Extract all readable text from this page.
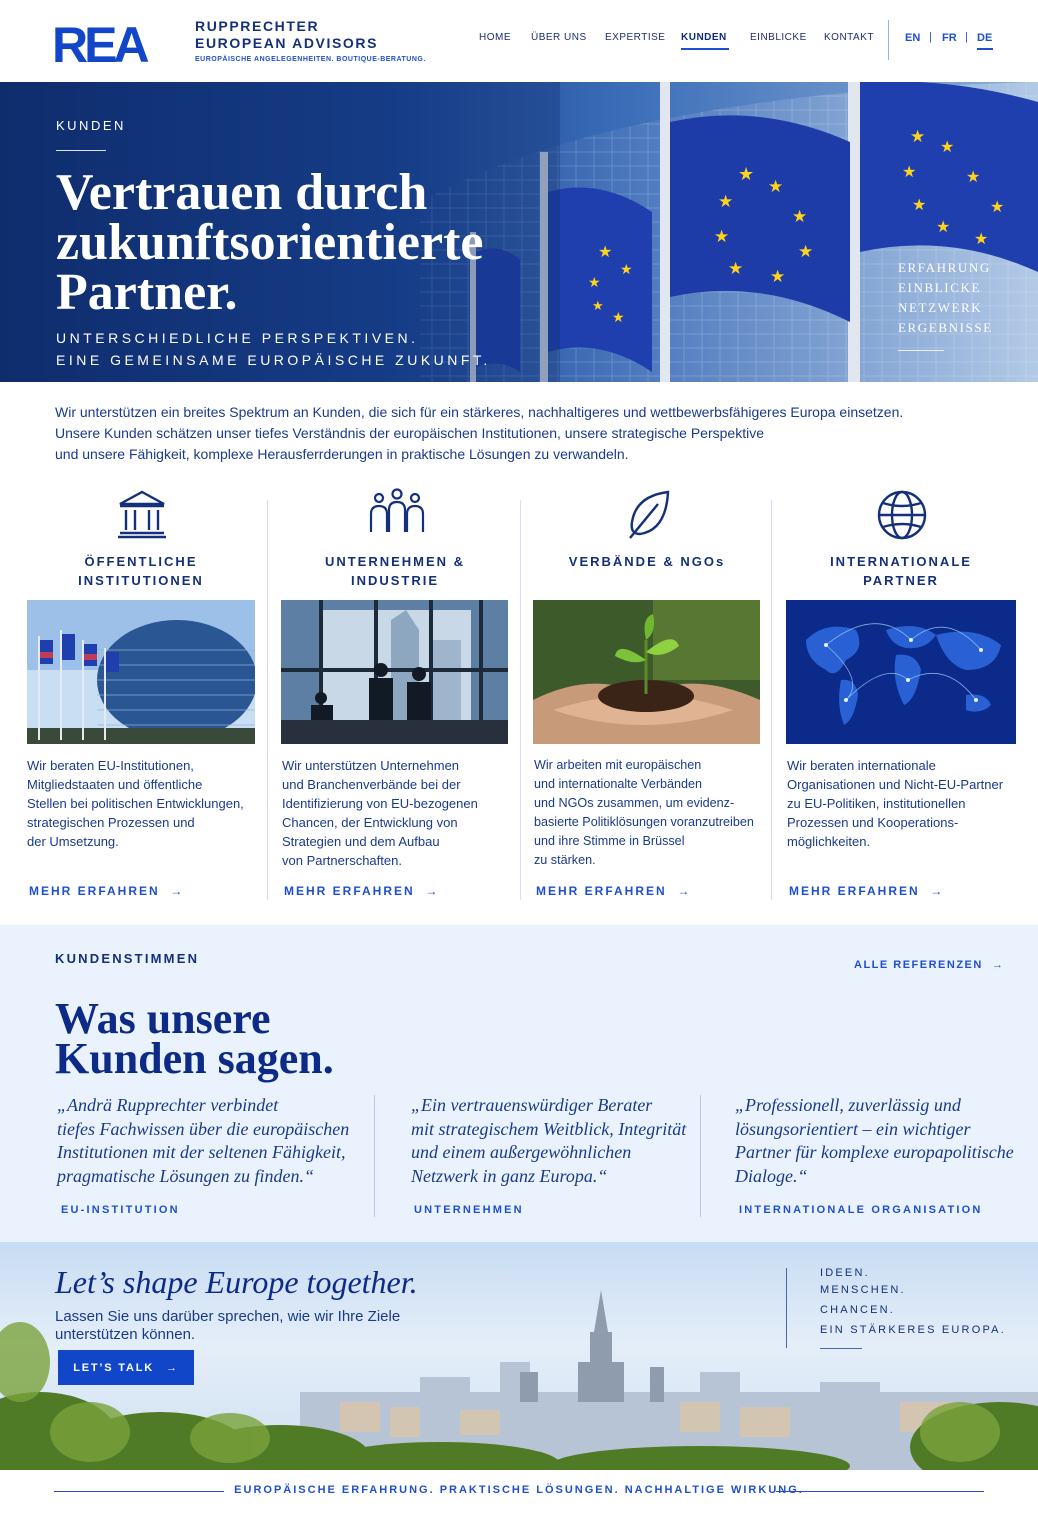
REA	RUPPRECHTER
EUROPEAN ADVISORS
EUROPÄISCHE ANGELEGENHEITEN. BOUTIQUE-BERATUNG.
HOME ÜBER UNS EXPERTISE KUNDEN EINBLICKE KONTAKT	EN | FR | DE
★
★
★
★
★
★
★
★
★
★
★
★ ★
★
★
★	★
★	★
★
★
KUNDEN
Vertrauen durch
zukunftsorientierte
Partner.
UNTERSCHIEDLICHE PERSPEKTIVEN.
EINE GEMEINSAME EUROPÄISCHE ZUKUNFT.
ERFAHRUNG
EINBLICKE
NETZWERK
ERGEBNISSE
Wir unterstützen ein breites Spektrum an Kunden, die sich für ein stärkeres, nachhaltigeres und wettbewerbsfähigeres Europa einsetzen.
Unsere Kunden schätzen unser tiefes Verständnis der europäischen Institutionen, unsere strategische Perspektive
und unsere Fähigkeit, komplexe Herausferrderungen in praktische Lösungen zu verwandeln.
ÖFFENTLICHE
INSTITUTIONEN
Wir beraten EU-Institutionen,
Mitgliedstaaten und öffentliche
Stellen bei politischen Entwicklungen,
strategischen Prozessen und
der Umsetzung.
MEHR ERFAHREN  →
UNTERNEHMEN &
INDUSTRIE
Wir unterstützen Unternehmen
und Branchenverbände bei der
Identifizierung von EU-bezogenen
Chancen, der Entwicklung von
Strategien und dem Aufbau
von Partnerschaften.
MEHR ERFAHREN  →
VERBÄNDE & NGOs
Wir arbeiten mit europäischen
und internationalte Verbänden
und NGOs zusammen, um evidenz-
basierte Politiklösungen voranzutreiben
und ihre Stimme in Brüssel
zu stärken.
MEHR ERFAHREN  →
INTERNATIONALE
PARTNER
Wir beraten internationale
Organisationen und Nicht-EU-Partner
zu EU-Politiken, institutionellen
Prozessen und Kooperations-
möglichkeiten.
MEHR ERFAHREN  →
KUNDENSTIMMEN	ALLE REFERENZEN  →
Was unsere
Kunden sagen.
„Andrä Rupprechter verbindet
tiefes Fachwissen über die europäischen
Institutionen mit der seltenen Fähigkeit,
pragmatische Lösungen zu finden.“
EU-INSTITUTION
„Ein vertrauenswürdiger Berater
mit strategischem Weitblick, Integrität
und einem außergewöhnlichen
Netzwerk in ganz Europa.“
UNTERNEHMEN
„Professionell, zuverlässig und
lösungsorientiert – ein wichtiger
Partner für komplexe europapolitische
Dialoge.“
INTERNATIONALE ORGANISATION
Let’s shape Europe together.
Lassen Sie uns darüber sprechen, wie wir Ihre Ziele unterstützen können.
LET’S TALK →
IDEEN.
MENSCHEN.
CHANCEN.
EIN STÄRKERES EUROPA.
EUROPÄISCHE ERFAHRUNG. PRAKTISCHE LÖSUNGEN. NACHHALTIGE WIRKUNG.
